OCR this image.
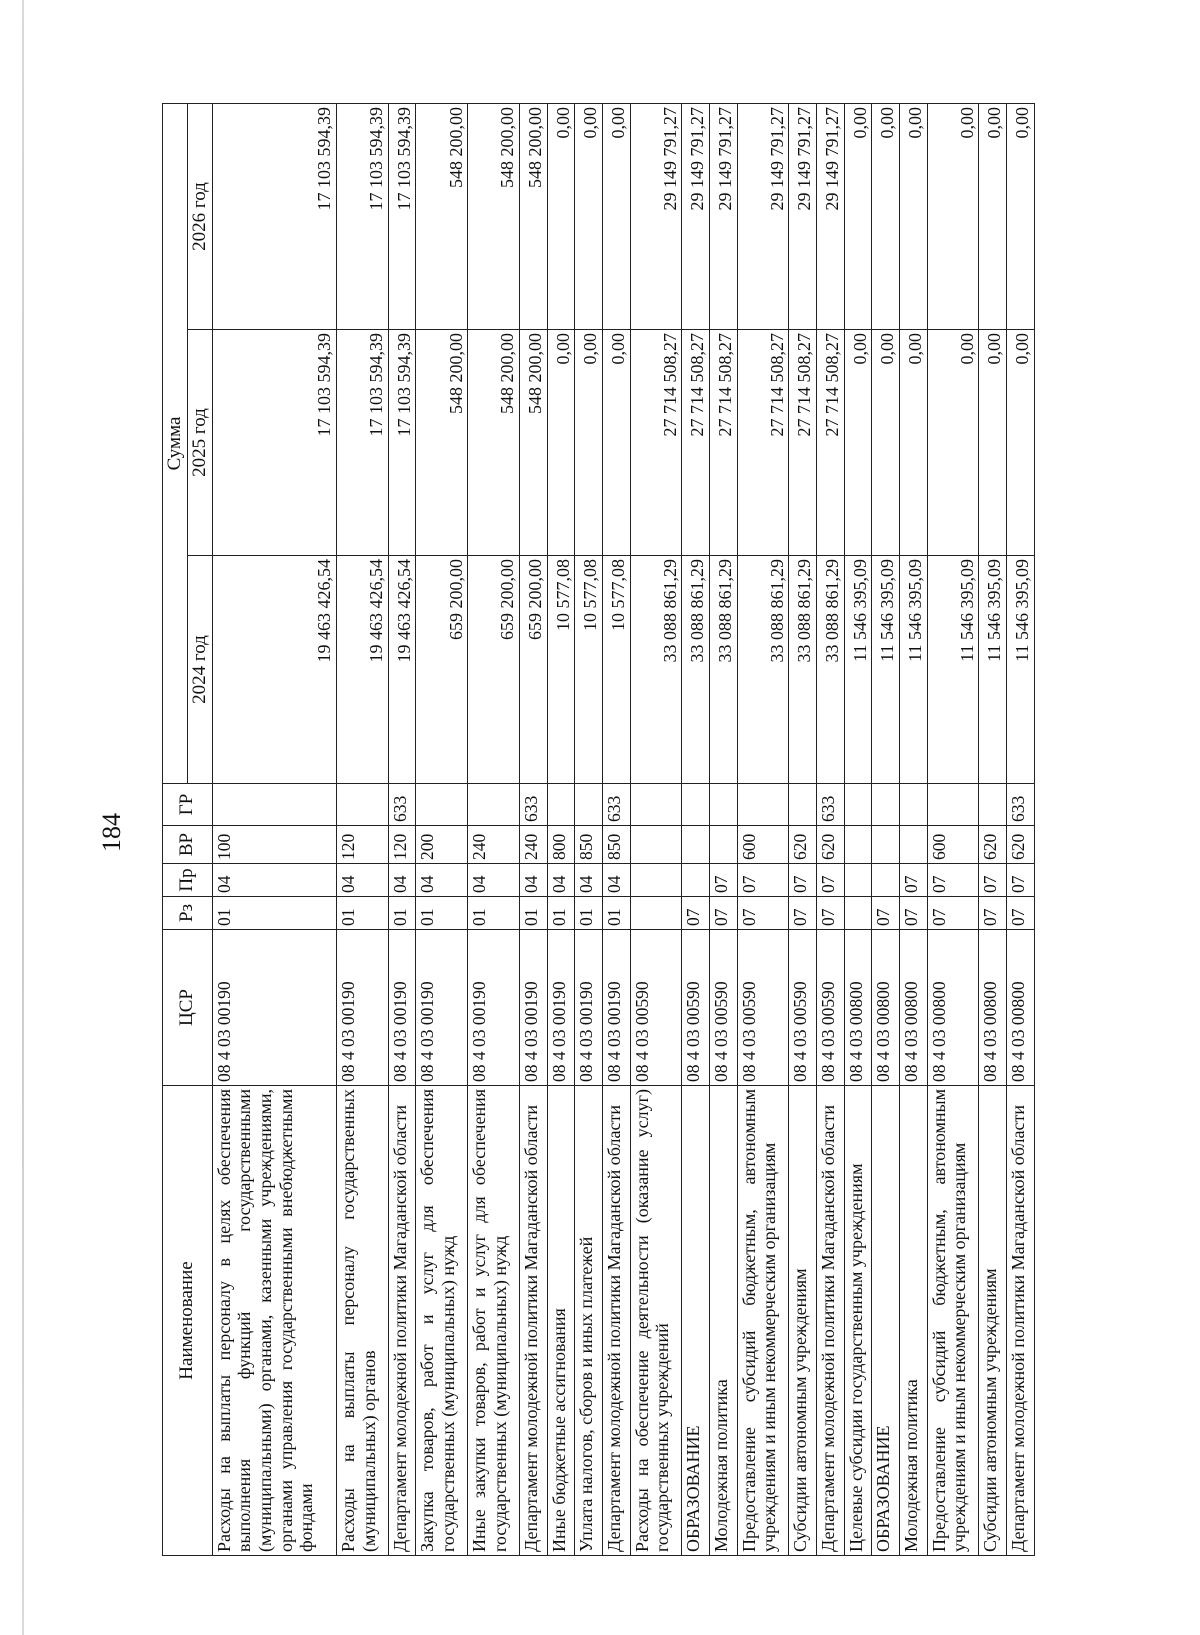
184
Наименование	ЦСР	Рз	Пр	ВР	ГР	Сумма		
						2024 год	2025 год	2026 год
Расходы на выплаты персоналу в целях обеспечения выполнения функций государственными (муниципальными) органами, казенными учреждениями, органами управления государственными внебюджетными фондами	08 4 03 00190	01	04	100		19 463 426,54	17 103 594,39	17 103 594,39
Расходы на выплаты персоналу государственных (муниципальных) органов	08 4 03 00190	01	04	120		19 463 426,54	17 103 594,39	17 103 594,39
Департамент молодежной политики Магаданской области	08 4 03 00190	01	04	120	633	19 463 426,54	17 103 594,39	17 103 594,39
Закупка товаров, работ и услуг для обеспечения государственных (муниципальных) нужд	08 4 03 00190	01	04	200		659 200,00	548 200,00	548 200,00
Иные закупки товаров, работ и услуг для обеспечения государственных (муниципальных) нужд	08 4 03 00190	01	04	240		659 200,00	548 200,00	548 200,00
Департамент молодежной политики Магаданской области	08 4 03 00190	01	04	240	633	659 200,00	548 200,00	548 200,00
Иные бюджетные ассигнования	08 4 03 00190	01	04	800		10 577,08	0,00	0,00
Уплата налогов, сборов и иных платежей	08 4 03 00190	01	04	850		10 577,08	0,00	0,00
Департамент молодежной политики Магаданской области	08 4 03 00190	01	04	850	633	10 577,08	0,00	0,00
Расходы на обеспечение деятельности (оказание услуг) государственных учреждений	08 4 03 00590					33 088 861,29	27 714 508,27	29 149 791,27
ОБРАЗОВАНИЕ	08 4 03 00590	07				33 088 861,29	27 714 508,27	29 149 791,27
Молодежная политика	08 4 03 00590	07	07			33 088 861,29	27 714 508,27	29 149 791,27
Предоставление субсидий бюджетным, автономным учреждениям и иным некоммерческим организациям	08 4 03 00590	07	07	600		33 088 861,29	27 714 508,27	29 149 791,27
Субсидии автономным учреждениям	08 4 03 00590	07	07	620		33 088 861,29	27 714 508,27	29 149 791,27
Департамент молодежной политики Магаданской области	08 4 03 00590	07	07	620	633	33 088 861,29	27 714 508,27	29 149 791,27
Целевые субсидии государственным учреждениям	08 4 03 00800					11 546 395,09	0,00	0,00
ОБРАЗОВАНИЕ	08 4 03 00800	07				11 546 395,09	0,00	0,00
Молодежная политика	08 4 03 00800	07	07			11 546 395,09	0,00	0,00
Предоставление субсидий бюджетным, автономным учреждениям и иным некоммерческим организациям	08 4 03 00800	07	07	600		11 546 395,09	0,00	0,00
Субсидии автономным учреждениям	08 4 03 00800	07	07	620		11 546 395,09	0,00	0,00
Департамент молодежной политики Магаданской области	08 4 03 00800	07	07	620	633	11 546 395,09	0,00	0,00
